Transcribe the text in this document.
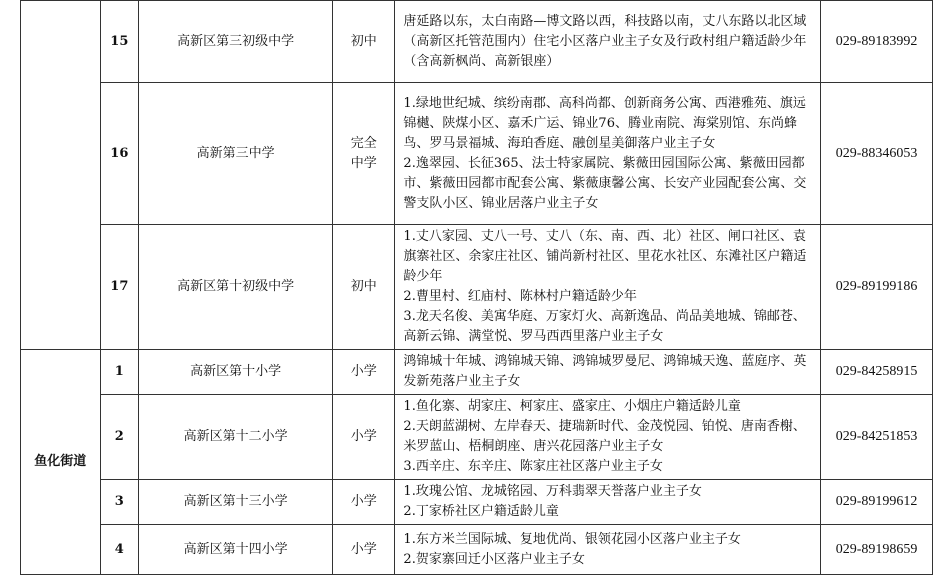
	15	高新区第三初级中学	初中	唐延路以东，太白南路—博文路以西，科技路以南，丈八东路以北区域（高新区托管范围内）住宅小区落户业主子女及行政村组户籍适龄少年（含高新枫尚、高新银座）	029-89183992
	16	高新第三中学	完全中学	1.绿地世纪城、缤纷南郡、高科尚都、创新商务公寓、西港雅苑、旗远锦樾、陕煤小区、嘉禾广运、锦业76、腾业南院、海棠别馆、东尚蜂鸟、罗马景福城、海珀香庭、融创星美御落户业主子女
2.逸翠园、长征365、法士特家属院、紫薇田园国际公寓、紫薇田园都市、紫薇田园都市配套公寓、紫薇康馨公寓、长安产业园配套公寓、交警支队小区、锦业居落户业主子女	029-88346053
	17	高新区第十初级中学	初中	1.丈八家园、丈八一号、丈八（东、南、西、北）社区、闸口社区、袁旗寨社区、余家庄社区、铺尚新村社区、里花水社区、东滩社区户籍适龄少年
2.曹里村、红庙村、陈林村户籍适龄少年
3.龙天名俊、美寓华庭、万家灯火、高新逸品、尚品美地城、锦邮苍、高新云锦、满堂悦、罗马西西里落户业主子女	029-89199186
鱼化街道	1	高新区第十小学	小学	鸿锦城十年城、鸿锦城天锦、鸿锦城罗曼尼、鸿锦城天逸、蓝庭序、英发新苑落户业主子女	029-84258915
	2	高新区第十二小学	小学	1.鱼化寨、胡家庄、柯家庄、盛家庄、小烟庄户籍适龄儿童
2.天朗蓝湖树、左岸春天、捷瑞新时代、金茂悦园、铂悦、唐南香榭、米罗蓝山、梧桐朗座、唐兴花园落户业主子女
3.西辛庄、东辛庄、陈家庄社区落户业主子女	029-84251853
	3	高新区第十三小学	小学	1.玫瑰公馆、龙城铭园、万科翡翠天誉落户业主子女
2.丁家桥社区户籍适龄儿童	029-89199612
	4	高新区第十四小学	小学	1.东方米兰国际城、复地优尚、银领花园小区落户业主子女
2.贺家寨回迁小区落户业主子女	029-89198659
